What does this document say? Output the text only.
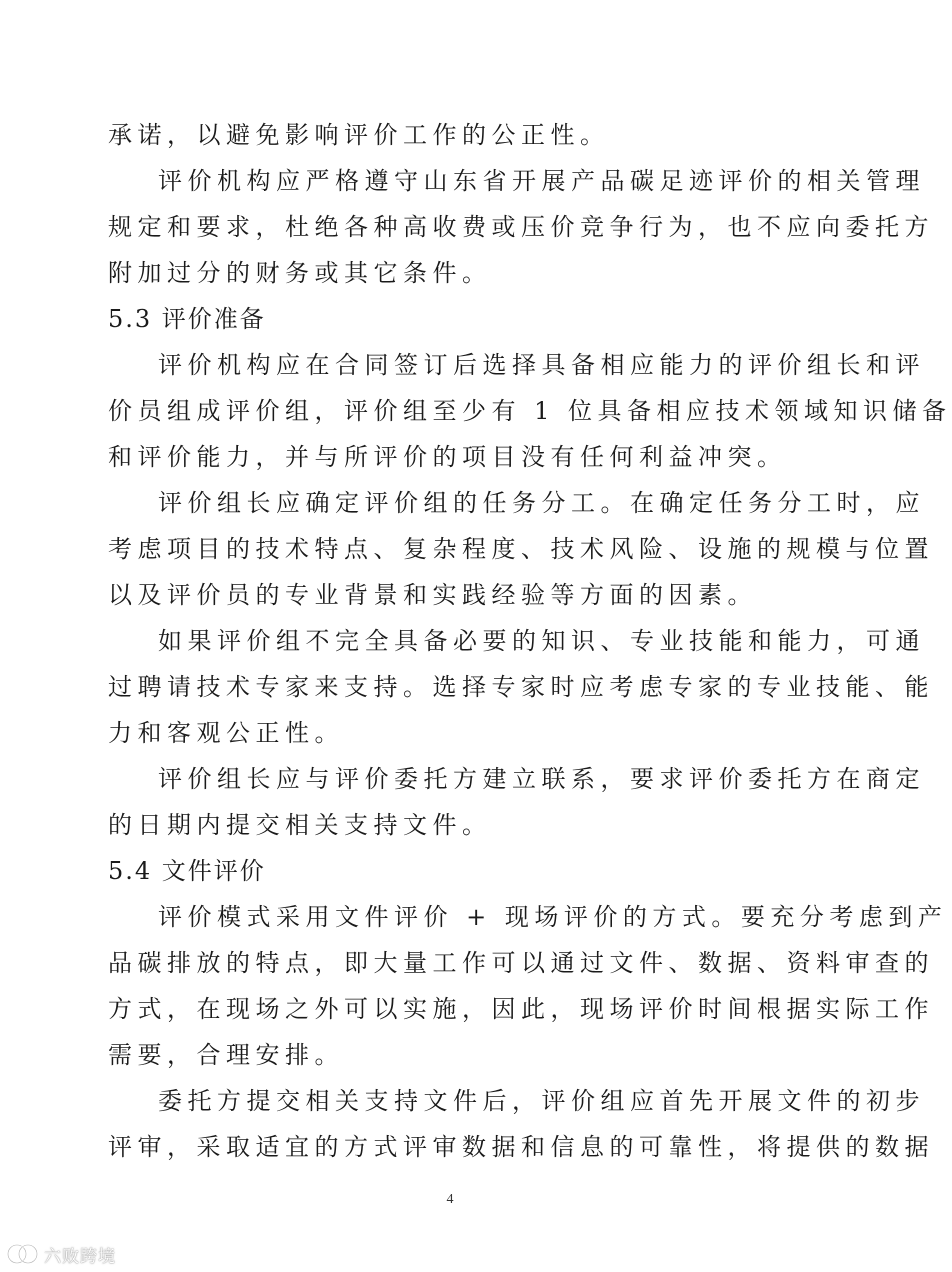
承诺，以避免影响评价工作的公正性。
评价机构应严格遵守山东省开展产品碳足迹评价的相关管理
规定和要求，杜绝各种高收费或压价竞争行为，也不应向委托方
附加过分的财务或其它条件。
5.3 评价准备
评价机构应在合同签订后选择具备相应能力的评价组长和评
价员组成评价组，评价组至少有 1 位具备相应技术领域知识储备
和评价能力，并与所评价的项目没有任何利益冲突。
评价组长应确定评价组的任务分工。在确定任务分工时，应
考虑项目的技术特点、复杂程度、技术风险、设施的规模与位置
以及评价员的专业背景和实践经验等方面的因素。
如果评价组不完全具备必要的知识、专业技能和能力，可通
过聘请技术专家来支持。选择专家时应考虑专家的专业技能、能
力和客观公正性。
评价组长应与评价委托方建立联系，要求评价委托方在商定
的日期内提交相关支持文件。
5.4 文件评价
评价模式采用文件评价 + 现场评价的方式。要充分考虑到产
品碳排放的特点，即大量工作可以通过文件、数据、资料审查的
方式，在现场之外可以实施，因此，现场评价时间根据实际工作
需要，合理安排。
委托方提交相关支持文件后，评价组应首先开展文件的初步
评审，采取适宜的方式评审数据和信息的可靠性，将提供的数据
4
六败跨境
